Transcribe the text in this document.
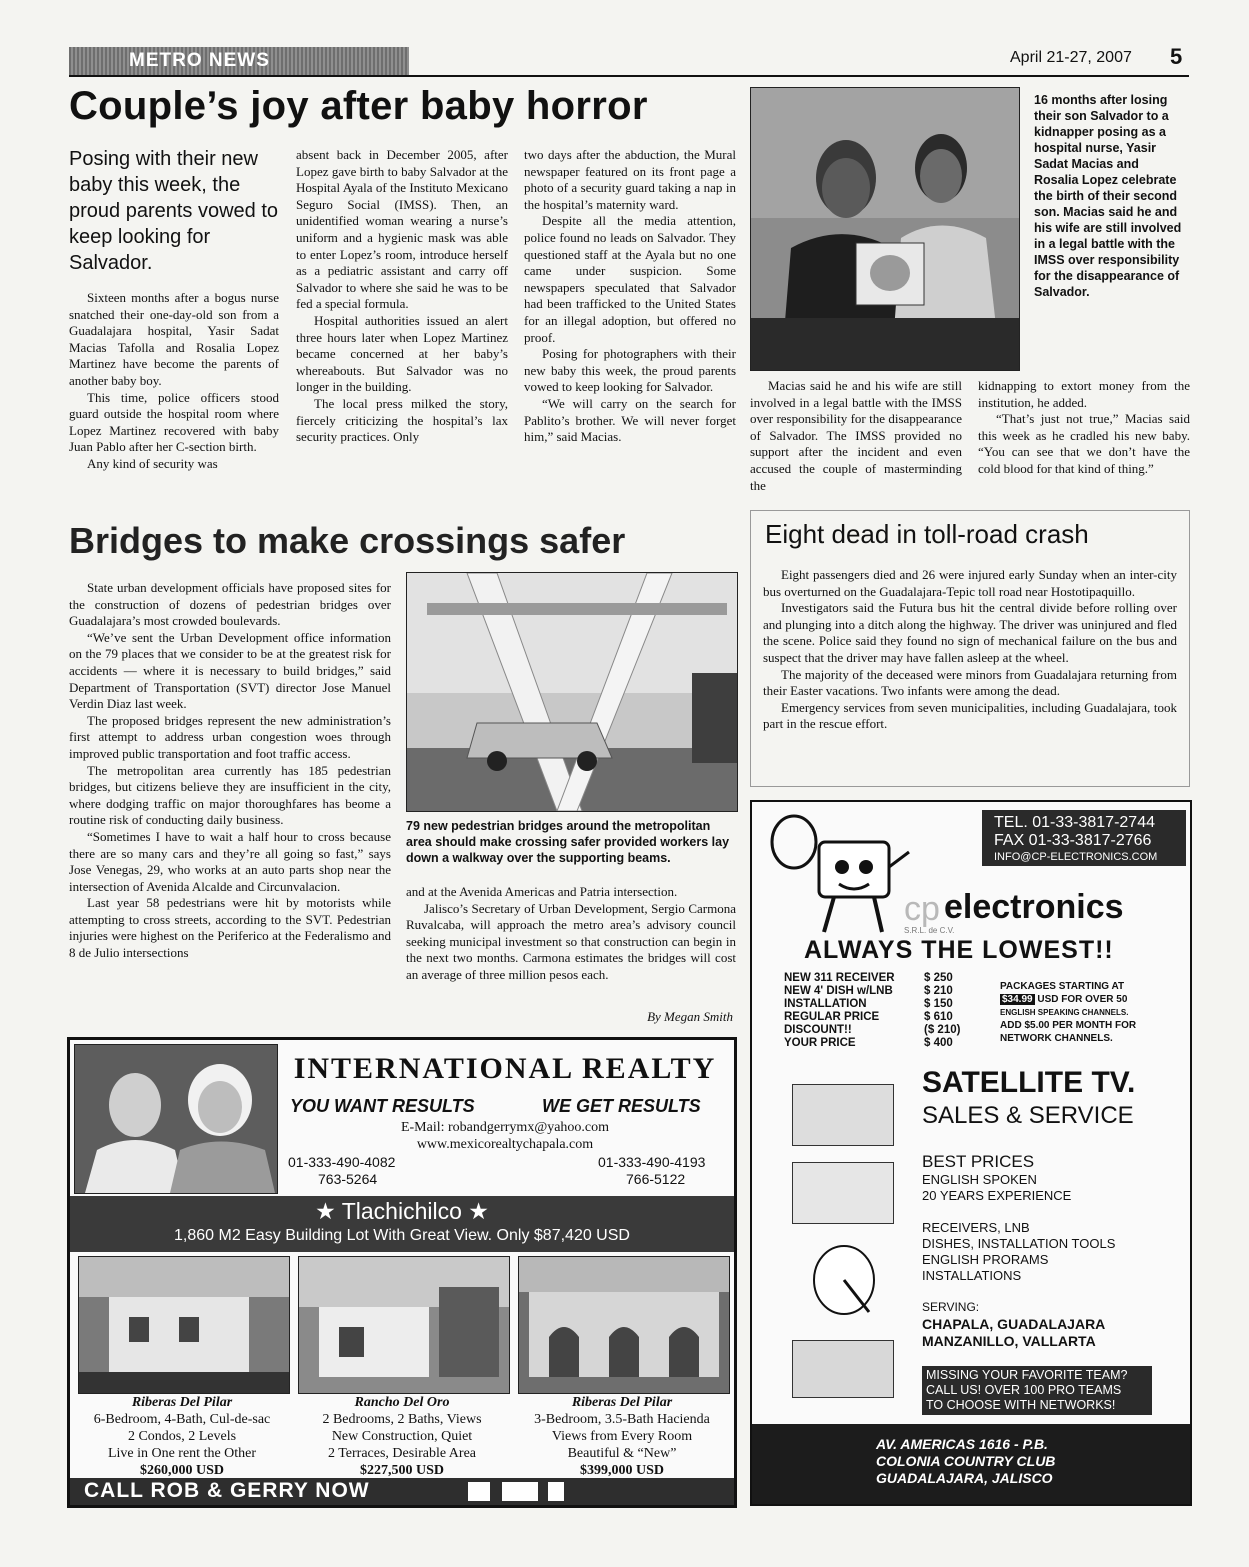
METRO NEWS	April 21-27, 2007 5
Couple’s joy after baby horror
Posing with their new baby this week, the proud parents vowed to keep looking for Salvador.

Sixteen months after a bogus nurse snatched their one-day-old son from a Guadalajara hospital, Yasir Sadat Macias Tafolla and Rosalia Lopez Martinez have become the parents of another baby boy.

This time, police officers stood guard outside the hospital room where Lopez Martinez recovered with baby Juan Pablo after her C-section birth.

Any kind of security was

absent back in December 2005, after Lopez gave birth to baby Salvador at the Hospital Ayala of the Instituto Mexicano Seguro Social (IMSS). Then, an unidentified woman wearing a nurse’s uniform and a hygienic mask was able to enter Lopez’s room, introduce herself as a pediatric assistant and carry off Salvador to where she said he was to be fed a special formula.

Hospital authorities issued an alert three hours later when Lopez Martinez became concerned at her baby’s whereabouts. But Salvador was no longer in the building.

The local press milked the story, fiercely criticizing the hospital’s lax security practices. Only

two days after the abduction, the Mural newspaper featured on its front page a photo of a security guard taking a nap in the hospital’s maternity ward.

Despite all the media attention, police found no leads on Salvador. They questioned staff at the Ayala but no one came under suspicion. Some newspapers speculated that Salvador had been trafficked to the United States for an illegal adoption, but offered no proof.

Posing for photographers with their new baby this week, the proud parents vowed to keep looking for Salvador.

“We will carry on the search for Pablito’s brother. We will never forget him,” said Macias.

16 months after losing their son Salvador to a kidnapper posing as a hospital nurse, Yasir Sadat Macias and Rosalia Lopez celebrate the birth of their second son. Macias said he and his wife are still involved in a legal battle with the IMSS over responsibility for the disappearance of Salvador.

Macias said he and his wife are still involved in a legal battle with the IMSS over responsibility for the disappearance of Salvador. The IMSS provided no support after the incident and even accused the couple of masterminding the

kidnapping to extort money from the institution, he added.

“That’s just not true,” Macias said this week as he cradled his new baby. “You can see that we don’t have the cold blood for that kind of thing.”

Bridges to make crossings safer

State urban development officials have proposed sites for the construction of dozens of pedestrian bridges over Guadalajara’s most crowded boulevards.

“We’ve sent the Urban Development office information on the 79 places that we consider to be at the greatest risk for accidents — where it is necessary to build bridges,” said Department of Transportation (SVT) director Jose Manuel Verdin Diaz last week.

The proposed bridges represent the new administration’s first attempt to address urban congestion woes through improved public transportation and foot traffic access.

The metropolitan area currently has 185 pedestrian bridges, but citizens believe they are insufficient in the city, where dodging traffic on major thoroughfares has beome a routine risk of conducting daily business.

“Sometimes I have to wait a half hour to cross because there are so many cars and they’re all going so fast,” says Jose Venegas, 29, who works at an auto parts shop near the intersection of Avenida Alcalde and Circunvalacion.

Last year 58 pedestrians were hit by motorists while attempting to cross streets, according to the SVT. Pedestrian injuries were highest on the Periferico at the Federalismo and 8 de Julio intersections

79 new pedestrian bridges around the metropolitan area should make crossing safer provided workers lay down a walkway over the supporting beams.

and at the Avenida Americas and Patria intersection.

Jalisco’s Secretary of Urban Development, Sergio Carmona Ruvalcaba, will approach the metro area’s advisory council seeking municipal investment so that construction can begin in the next two months. Carmona estimates the bridges will cost an average of three million pesos each.

By Megan Smith
Eight dead in toll-road crash

Eight passengers died and 26 were injured early Sunday when an inter-city bus overturned on the Guadalajara-Tepic toll road near Hostotipaquillo.

Investigators said the Futura bus hit the central divide before rolling over and plunging into a ditch along the highway. The driver was uninjured and fled the scene. Police said they found no sign of mechanical failure on the bus and suspect that the driver may have fallen asleep at the wheel.

The majority of the deceased were minors from Guadalajara returning from their Easter vacations. Two infants were among the dead.

Emergency services from seven municipalities, including Guadalajara, took part in the rescue effort.

INTERNATIONAL REALTY
YOU WANT RESULTS	WE GET RESULTS
E-Mail: robandgerrymx@yahoo.com
www.mexicorealtychapala.com
01-333-490-4082
763-5264
01-333-490-4193
766-5122
★ Tlachichilco ★
1,860 M2 Easy Building Lot With Great View. Only $87,420 USD
Riberas Del Pilar
6-Bedroom, 4-Bath, Cul-de-sac
2 Condos, 2 Levels
Live in One rent the Other
$260,000 USD
Rancho Del Oro
2 Bedrooms, 2 Baths, Views
New Construction, Quiet
2 Terraces, Desirable Area
$227,500 USD
Riberas Del Pilar
3-Bedroom, 3.5-Bath Hacienda
Views from Every Room
Beautiful & “New”
$399,000 USD
CALL ROB & GERRY NOW
TEL. 01-33-3817-2744
FAX 01-33-3817-2766
INFO@CP-ELECTRONICS.COM
cp electronics
S.R.L. de C.V.
ALWAYS THE LOWEST!!
NEW 311 RECEIVER	$ 250
NEW 4' DISH w/LNB	$ 210
INSTALLATION	$ 150
REGULAR PRICE	$ 610
DISCOUNT!!	($ 210)
YOUR PRICE	$ 400
PACKAGES STARTING AT
$34.99 USD FOR OVER 50
ENGLISH SPEAKING CHANNELS.
ADD $5.00 PER MONTH FOR
NETWORK CHANNELS.
SATELLITE TV.
SALES & SERVICE
BEST PRICES
ENGLISH SPOKEN
20 YEARS EXPERIENCE
RECEIVERS, LNB
DISHES, INSTALLATION TOOLS
ENGLISH PRORAMS
INSTALLATIONS
SERVING:
CHAPALA, GUADALAJARA
MANZANILLO, VALLARTA
MISSING YOUR FAVORITE TEAM?
CALL US! OVER 100 PRO TEAMS
TO CHOOSE WITH NETWORKS!
AV. AMERICAS 1616 - P.B.
COLONIA COUNTRY CLUB
GUADALAJARA, JALISCO
